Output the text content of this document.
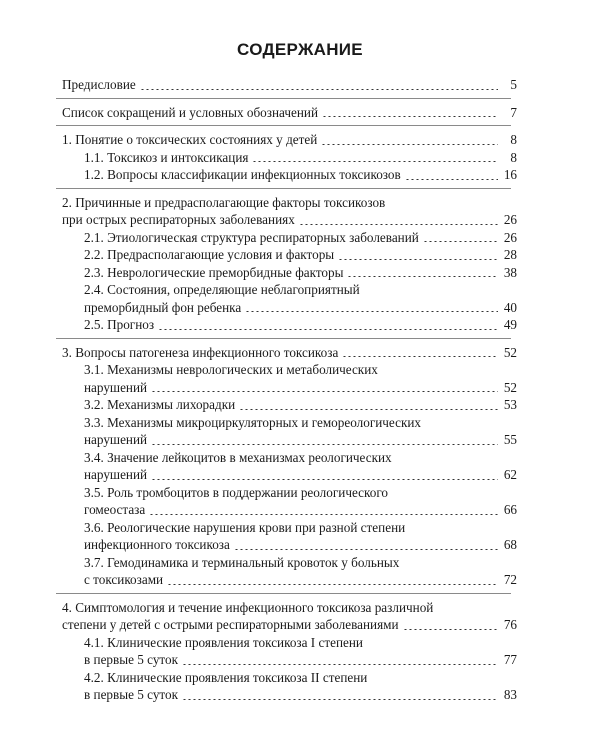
СОДЕРЖАНИЕ
Предисловие	5
Список сокращений и условных обозначений	7
1. Понятие о токсических состояниях у детей	8
1.1. Токсикоз и интоксикация	8
1.2. Вопросы классификации инфекционных токсикозов	16
2. Причинные и предрасполагающие факторы токсикозов
при острых респираторных заболеваниях	26
2.1. Этиологическая структура респираторных заболеваний	26
2.2. Предрасполагающие условия и факторы	28
2.3. Неврологические преморбидные факторы	38
2.4. Состояния, определяющие неблагоприятный
преморбидный фон ребенка	40
2.5. Прогноз	49
3. Вопросы патогенеза инфекционного токсикоза	52
3.1. Механизмы неврологических и метаболических
нарушений	52
3.2. Механизмы лихорадки	53
3.3. Механизмы микроциркуляторных и гемореологических
нарушений	55
3.4. Значение лейкоцитов в механизмах реологических
нарушений	62
3.5. Роль тромбоцитов в поддержании реологического
гомеостаза	66
3.6. Реологические нарушения крови при разной степени
инфекционного токсикоза	68
3.7. Гемодинамика и терминальный кровоток у больных
с токсикозами	72
4. Симптомология и течение инфекционного токсикоза различной
степени у детей с острыми респираторными заболеваниями	76
4.1. Клинические проявления токсикоза I степени
в первые 5 суток	77
4.2. Клинические проявления токсикоза II степени
в первые 5 суток	83
